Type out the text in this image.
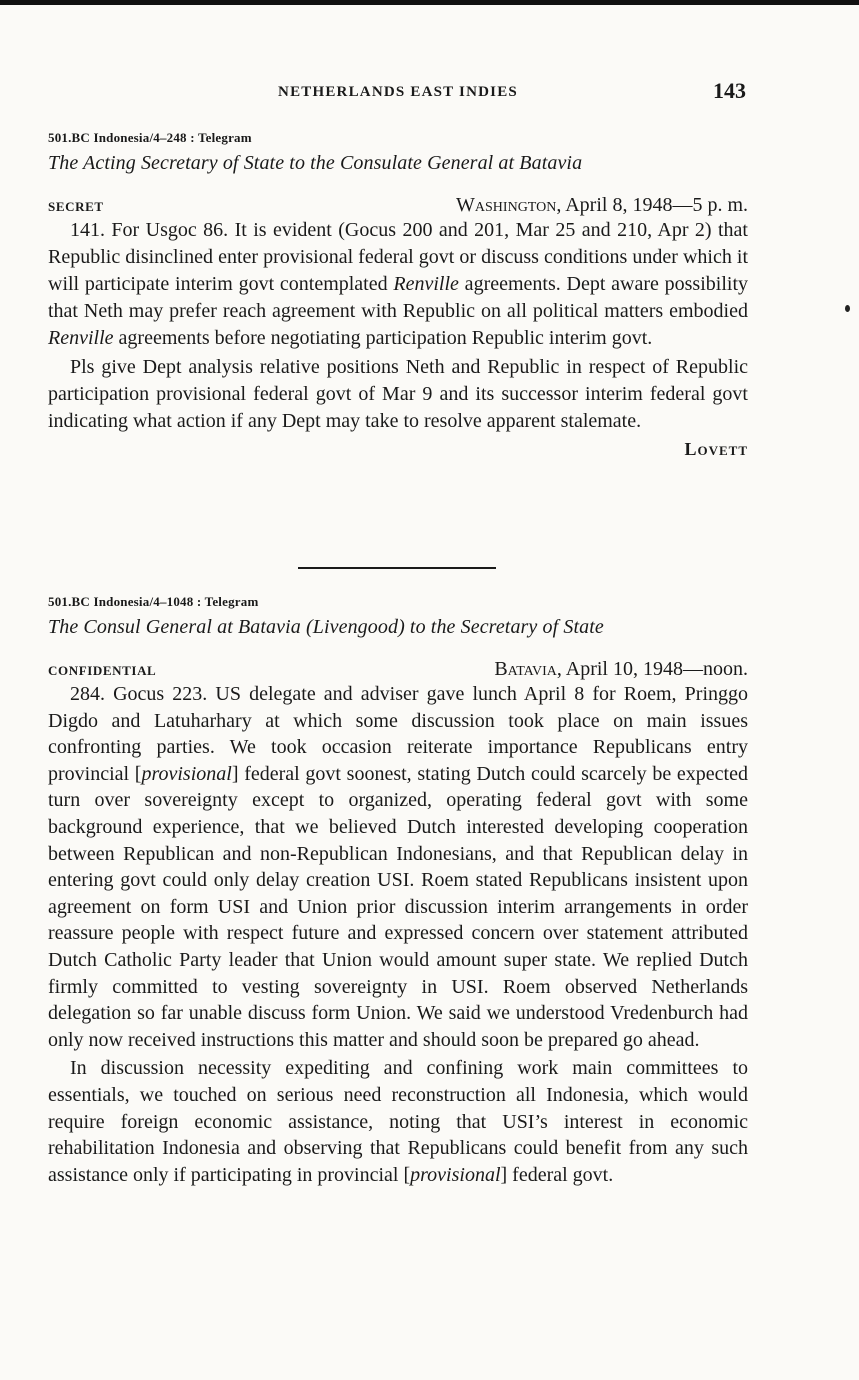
NETHERLANDS EAST INDIES	143
501.BC Indonesia/4–248 : Telegram
The Acting Secretary of State to the Consulate General at Batavia
SECRET	Washington, April 8, 1948—5 p. m.

141. For Usgoc 86. It is evident (Gocus 200 and 201, Mar 25 and 210, Apr 2) that Republic disinclined enter provisional federal govt or discuss conditions under which it will participate interim govt contemplated Renville agreements. Dept aware possibility that Neth may prefer reach agreement with Republic on all political matters embodied Renville agreements before negotiating participation Republic interim govt.

Pls give Dept analysis relative positions Neth and Republic in respect of Republic participation provisional federal govt of Mar 9 and its successor interim federal govt indicating what action if any Dept may take to resolve apparent stalemate.

Lovett
501.BC Indonesia/4–1048 : Telegram
The Consul General at Batavia (Livengood) to the Secretary of State
CONFIDENTIAL	Batavia, April 10, 1948—noon.

284. Gocus 223. US delegate and adviser gave lunch April 8 for Roem, Pringgo Digdo and Latuharhary at which some discussion took place on main issues confronting parties. We took occasion reiterate importance Republicans entry provincial [provisional] federal govt soonest, stating Dutch could scarcely be expected turn over sovereignty except to organized, operating federal govt with some background experience, that we believed Dutch interested developing cooperation between Republican and non-Republican Indonesians, and that Republican delay in entering govt could only delay creation USI. Roem stated Republicans insistent upon agreement on form USI and Union prior discussion interim arrangements in order reassure people with respect future and expressed concern over statement attributed Dutch Catholic Party leader that Union would amount super state. We replied Dutch firmly committed to vesting sovereignty in USI. Roem observed Netherlands delegation so far unable discuss form Union. We said we understood Vredenburch had only now received instructions this matter and should soon be prepared go ahead.

In discussion necessity expediting and confining work main committees to essentials, we touched on serious need reconstruction all Indonesia, which would require foreign economic assistance, noting that USI’s interest in economic rehabilitation Indonesia and observing that Republicans could benefit from any such assistance only if participating in provincial [provisional] federal govt.
